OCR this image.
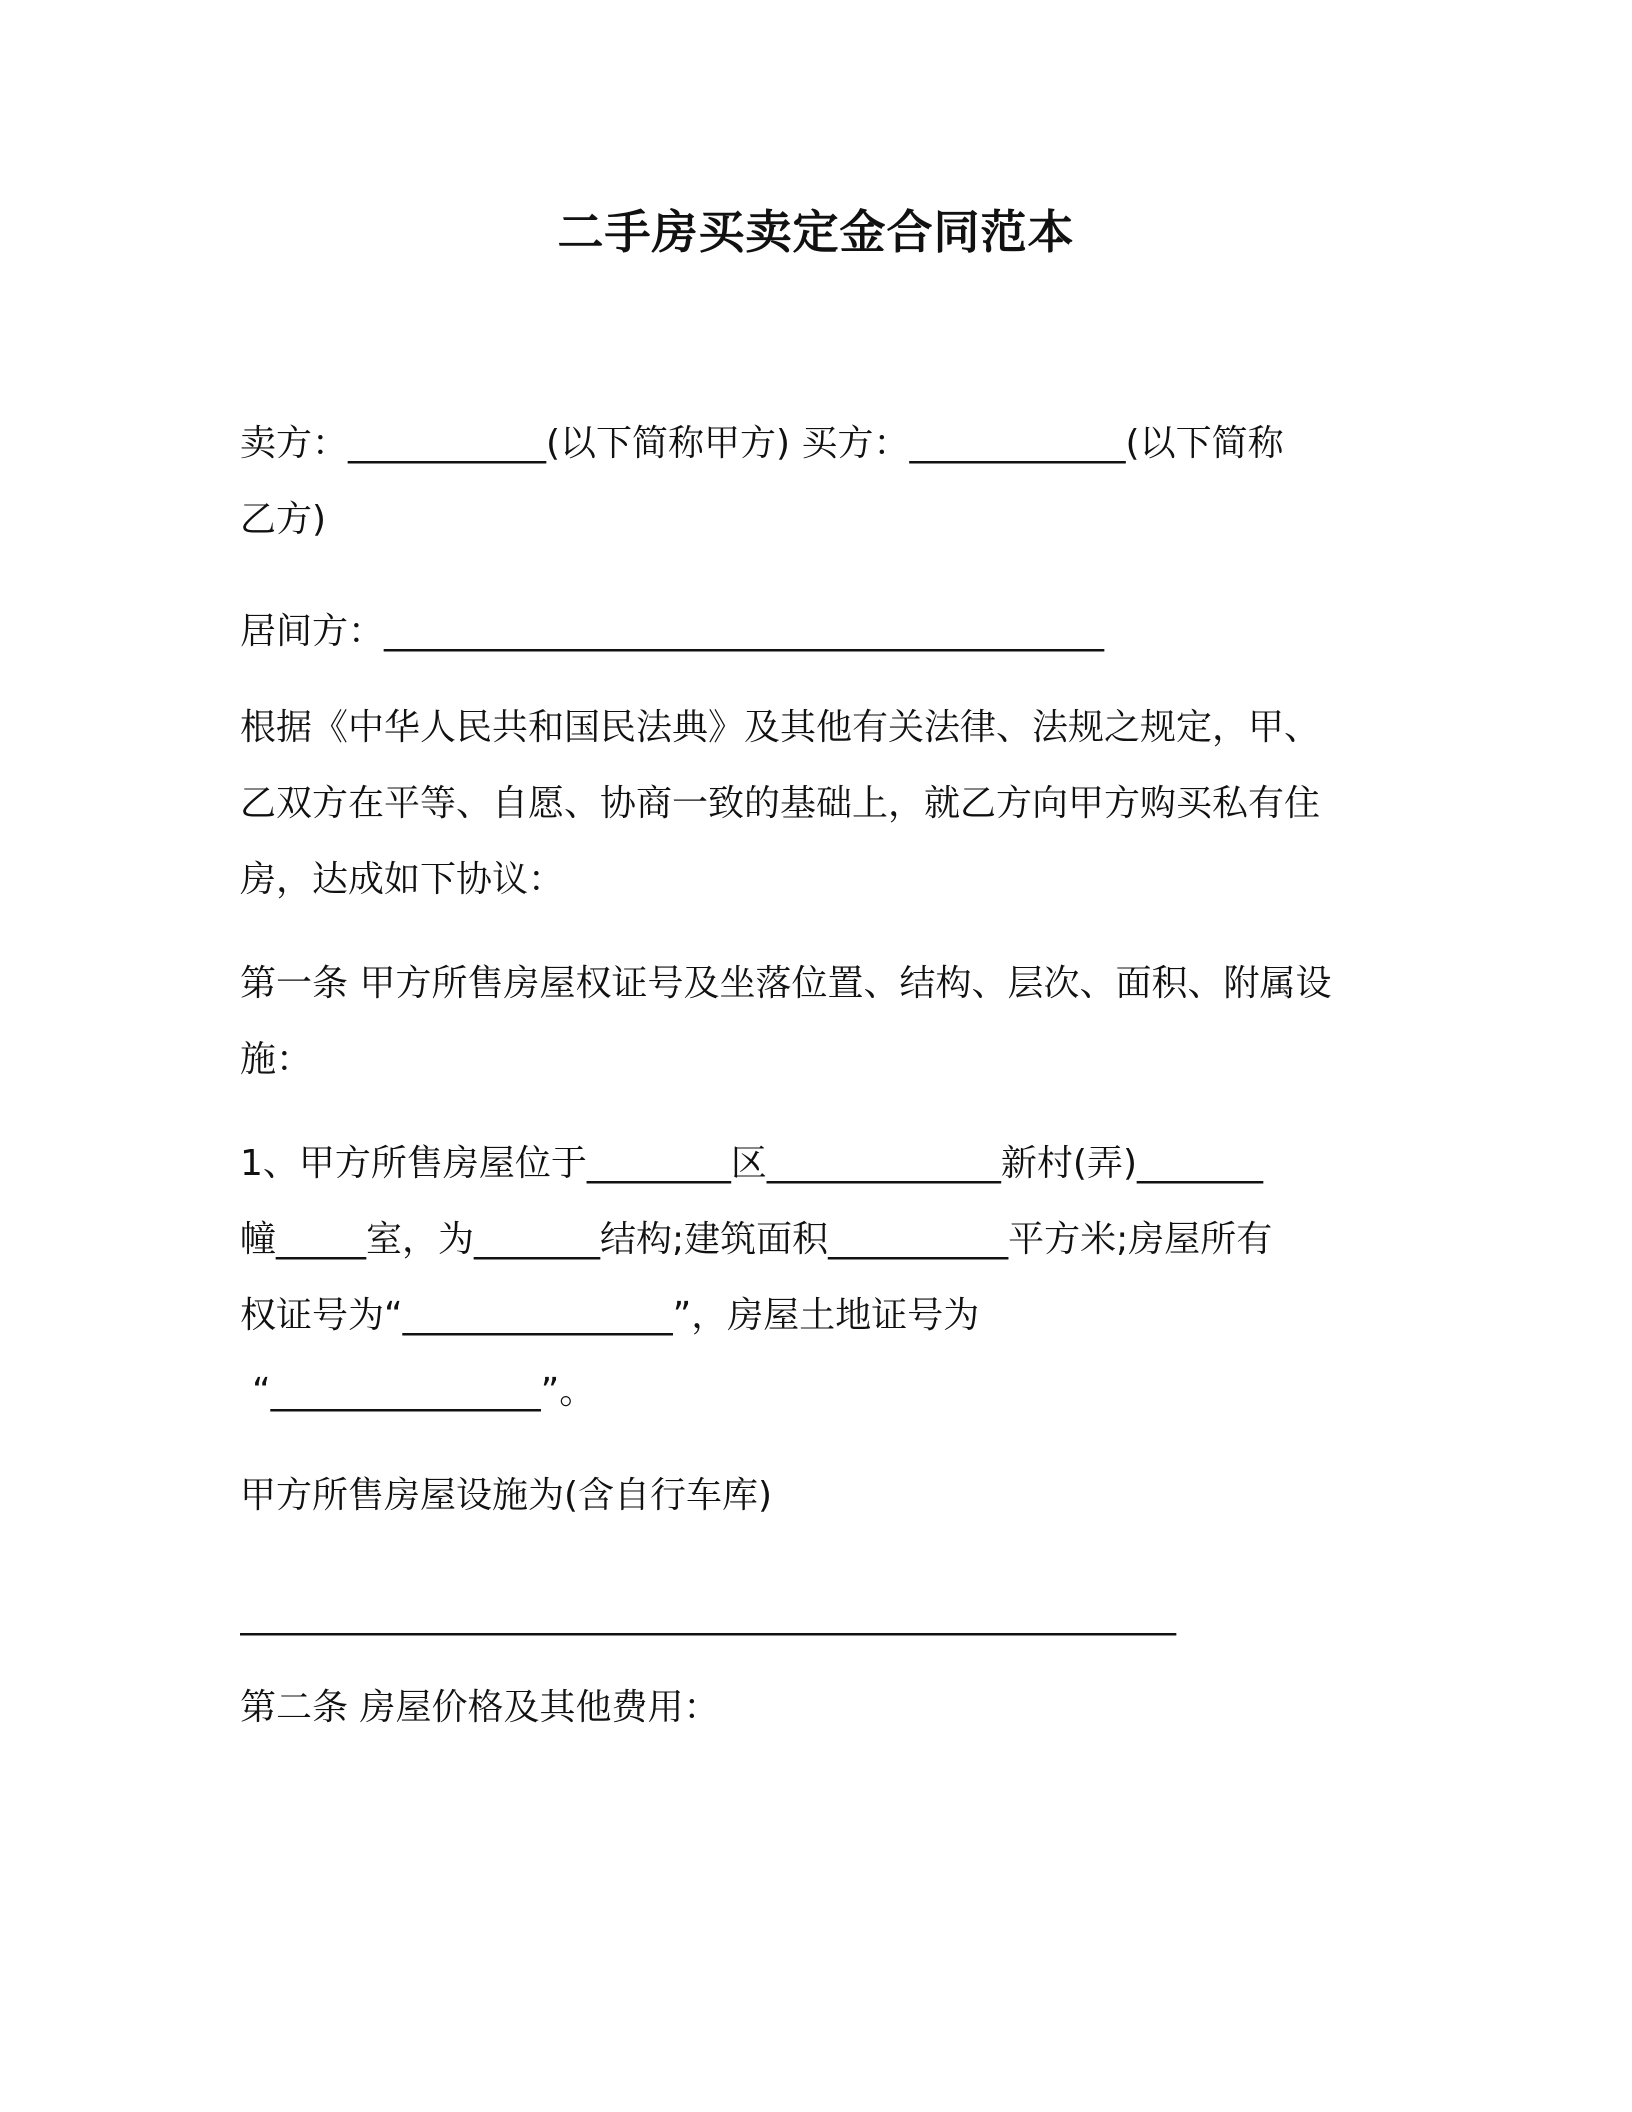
二手房买卖定金合同范本
卖方：___________(以下简称甲方) 买方：____________(以下简称
乙方)
居间方：________________________________________
根据《中华人民共和国民法典》及其他有关法律、法规之规定，甲、
乙双方在平等、自愿、协商一致的基础上，就乙方向甲方购买私有住
房，达成如下协议：
第一条 甲方所售房屋权证号及坐落位置、结构、层次、面积、附属设
施：
1、甲方所售房屋位于________区_____________新村(弄)_______
幢_____室，为_______结构;建筑面积__________平方米;房屋所有
权证号为“_______________”，房屋土地证号为
“_______________”。
甲方所售房屋设施为(含自行车库)
____________________________________________________
第二条 房屋价格及其他费用：
